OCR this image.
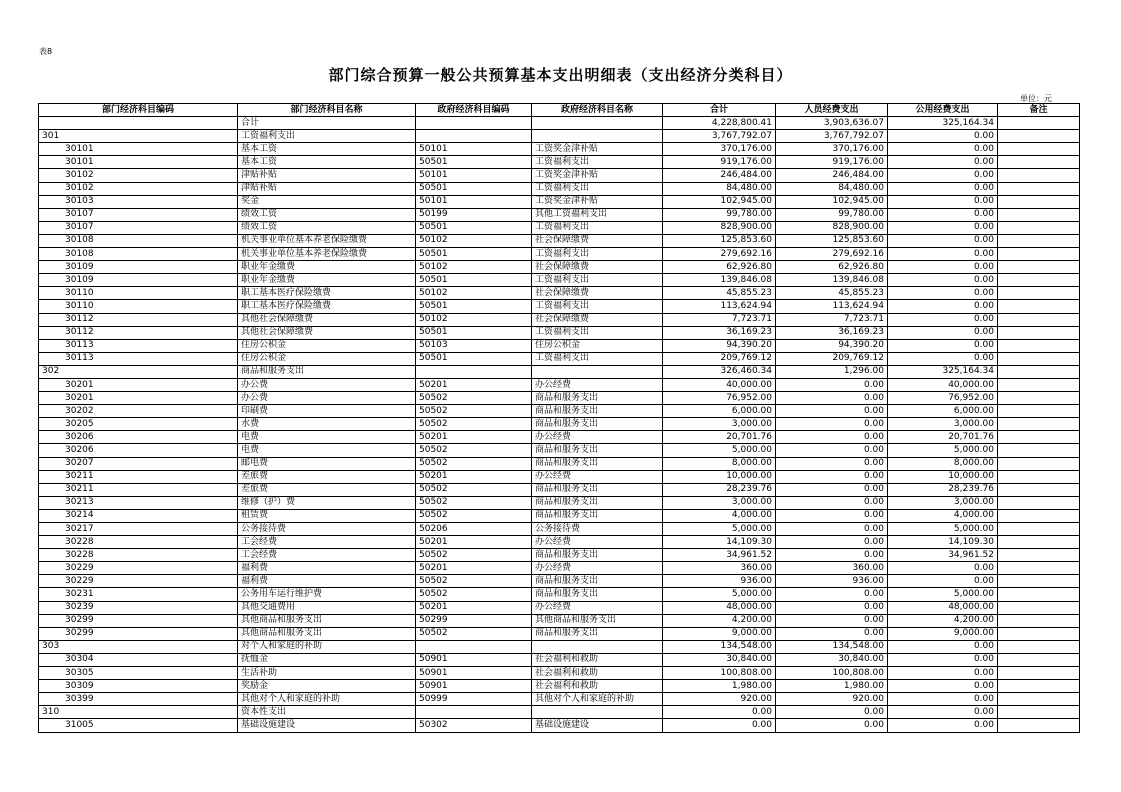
表8
部门综合预算一般公共预算基本支出明细表（支出经济分类科目）
单位：元
部门经济科目编码	部门经济科目名称	政府经济科目编码	政府经济科目名称	合计	人员经费支出	公用经费支出	备注
	合计			4,228,800.41	3,903,636.07	325,164.34	
301	工资福利支出			3,767,792.07	3,767,792.07	0.00	
30101	基本工资	50101	工资奖金津补贴	370,176.00	370,176.00	0.00	
30101	基本工资	50501	工资福利支出	919,176.00	919,176.00	0.00	
30102	津贴补贴	50101	工资奖金津补贴	246,484.00	246,484.00	0.00	
30102	津贴补贴	50501	工资福利支出	84,480.00	84,480.00	0.00	
30103	奖金	50101	工资奖金津补贴	102,945.00	102,945.00	0.00	
30107	绩效工资	50199	其他工资福利支出	99,780.00	99,780.00	0.00	
30107	绩效工资	50501	工资福利支出	828,900.00	828,900.00	0.00	
30108	机关事业单位基本养老保险缴费	50102	社会保障缴费	125,853.60	125,853.60	0.00	
30108	机关事业单位基本养老保险缴费	50501	工资福利支出	279,692.16	279,692.16	0.00	
30109	职业年金缴费	50102	社会保障缴费	62,926.80	62,926.80	0.00	
30109	职业年金缴费	50501	工资福利支出	139,846.08	139,846.08	0.00	
30110	职工基本医疗保险缴费	50102	社会保障缴费	45,855.23	45,855.23	0.00	
30110	职工基本医疗保险缴费	50501	工资福利支出	113,624.94	113,624.94	0.00	
30112	其他社会保障缴费	50102	社会保障缴费	7,723.71	7,723.71	0.00	
30112	其他社会保障缴费	50501	工资福利支出	36,169.23	36,169.23	0.00	
30113	住房公积金	50103	住房公积金	94,390.20	94,390.20	0.00	
30113	住房公积金	50501	工资福利支出	209,769.12	209,769.12	0.00	
302	商品和服务支出			326,460.34	1,296.00	325,164.34	
30201	办公费	50201	办公经费	40,000.00	0.00	40,000.00	
30201	办公费	50502	商品和服务支出	76,952.00	0.00	76,952.00	
30202	印刷费	50502	商品和服务支出	6,000.00	0.00	6,000.00	
30205	水费	50502	商品和服务支出	3,000.00	0.00	3,000.00	
30206	电费	50201	办公经费	20,701.76	0.00	20,701.76	
30206	电费	50502	商品和服务支出	5,000.00	0.00	5,000.00	
30207	邮电费	50502	商品和服务支出	8,000.00	0.00	8,000.00	
30211	差旅费	50201	办公经费	10,000.00	0.00	10,000.00	
30211	差旅费	50502	商品和服务支出	28,239.76	0.00	28,239.76	
30213	维修（护）费	50502	商品和服务支出	3,000.00	0.00	3,000.00	
30214	租赁费	50502	商品和服务支出	4,000.00	0.00	4,000.00	
30217	公务接待费	50206	公务接待费	5,000.00	0.00	5,000.00	
30228	工会经费	50201	办公经费	14,109.30	0.00	14,109.30	
30228	工会经费	50502	商品和服务支出	34,961.52	0.00	34,961.52	
30229	福利费	50201	办公经费	360.00	360.00	0.00	
30229	福利费	50502	商品和服务支出	936.00	936.00	0.00	
30231	公务用车运行维护费	50502	商品和服务支出	5,000.00	0.00	5,000.00	
30239	其他交通费用	50201	办公经费	48,000.00	0.00	48,000.00	
30299	其他商品和服务支出	50299	其他商品和服务支出	4,200.00	0.00	4,200.00	
30299	其他商品和服务支出	50502	商品和服务支出	9,000.00	0.00	9,000.00	
303	对个人和家庭的补助			134,548.00	134,548.00	0.00	
30304	抚恤金	50901	社会福利和救助	30,840.00	30,840.00	0.00	
30305	生活补助	50901	社会福利和救助	100,808.00	100,808.00	0.00	
30309	奖励金	50901	社会福利和救助	1,980.00	1,980.00	0.00	
30399	其他对个人和家庭的补助	50999	其他对个人和家庭的补助	920.00	920.00	0.00	
310	资本性支出			0.00	0.00	0.00	
31005	基础设施建设	50302	基础设施建设	0.00	0.00	0.00	
